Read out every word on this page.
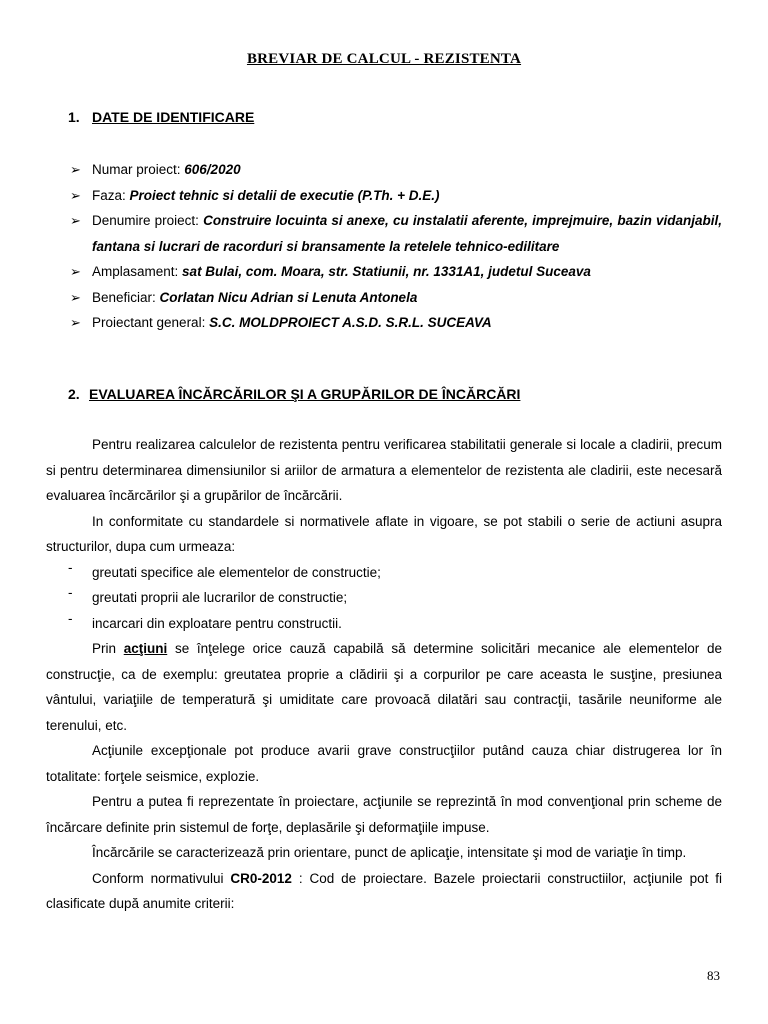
BREVIAR DE CALCUL - REZISTENTA
1. DATE DE IDENTIFICARE
➢ Numar proiect: 606/2020
➢ Faza: Proiect tehnic si detalii de executie (P.Th. + D.E.)
➢ Denumire proiect: Construire locuinta si anexe, cu instalatii aferente, imprejmuire, bazin vidanjabil, fantana si lucrari de racorduri si bransamente la retelele tehnico-edilitare
➢ Amplasament: sat Bulai, com. Moara, str. Statiunii, nr. 1331A1, judetul Suceava
➢ Beneficiar: Corlatan Nicu Adrian si Lenuta Antonela
➢ Proiectant general: S.C. MOLDPROIECT A.S.D. S.R.L. SUCEAVA
2. EVALUAREA ÎNCĂRCĂRILOR ŞI A GRUPĂRILOR DE ÎNCĂRCĂRI

Pentru realizarea calculelor de rezistenta pentru verificarea stabilitatii generale si locale a cladirii, precum si pentru determinarea dimensiunilor si ariilor de armatura a elementelor de rezistenta ale cladirii, este necesară evaluarea încărcărilor şi a grupărilor de încărcării.

In conformitate cu standardele si normativele aflate in vigoare, se pot stabili o serie de actiuni asupra structurilor, dupa cum urmeaza:

- greutati specifice ale elementelor de constructie;
- greutati proprii ale lucrarilor de constructie;
- incarcari din exploatare pentru constructii.

Prin acţiuni se înţelege orice cauză capabilă să determine solicitări mecanice ale elementelor de construcţie, ca de exemplu: greutatea proprie a clădirii şi a corpurilor pe care aceasta le susţine, presiunea vântului, variaţiile de temperatură şi umiditate care provoacă dilatări sau contracţii, tasările neuniforme ale terenului, etc.

Acţiunile excepţionale pot produce avarii grave construcţiilor putând cauza chiar distrugerea lor în totalitate: forţele seismice, explozie.

Pentru a putea fi reprezentate în proiectare, acţiunile se reprezintă în mod convenţional prin scheme de încărcare definite prin sistemul de forţe, deplasările şi deformaţiile impuse.

Încărcările se caracterizează prin orientare, punct de aplicaţie, intensitate şi mod de variaţie în timp.

Conform normativului CR0-2012 : Cod de proiectare. Bazele proiectarii constructiilor, acţiunile pot fi clasificate după anumite criterii:

83
